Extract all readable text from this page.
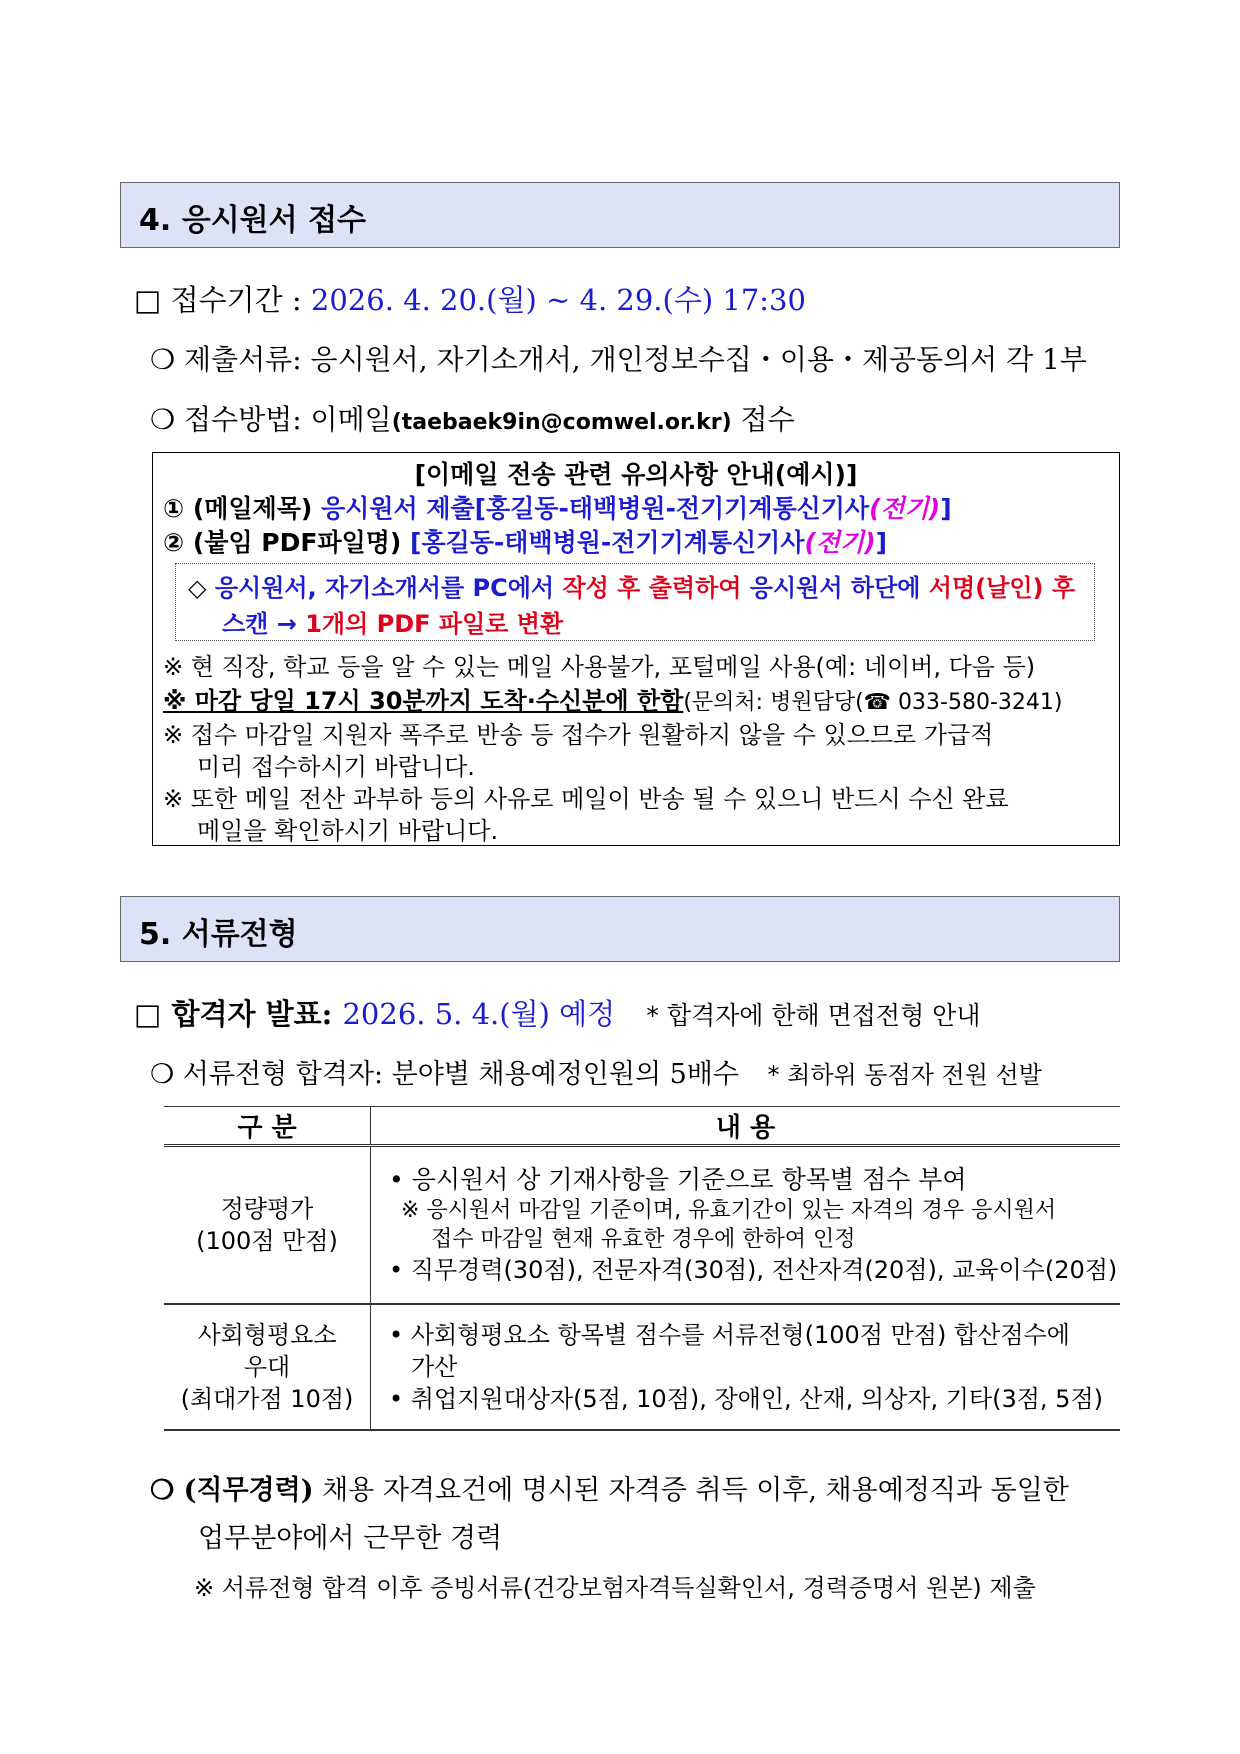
4. 응시원서 접수
□ 접수기간 : 2026. 4. 20.(월) ~ 4. 29.(수) 17:30
❍ 제출서류: 응시원서, 자기소개서, 개인정보수집・이용・제공동의서 각 1부
❍ 접수방법: 이메일(taebaek9in@comwel.or.kr) 접수
[이메일 전송 관련 유의사항 안내(예시)]
① (메일제목) 응시원서 제출[홍길동-태백병원-전기기계통신기사(전기)]
② (붙임 PDF파일명) [홍길동-태백병원-전기기계통신기사(전기)]
◇ 응시원서, 자기소개서를 PC에서 작성 후 출력하여 응시원서 하단에 서명(날인) 후
스캔 → 1개의 PDF 파일로 변환
※ 현 직장, 학교 등을 알 수 있는 메일 사용불가, 포털메일 사용(예: 네이버, 다음 등)
※ 마감 당일 17시 30분까지 도착·수신분에 한함(문의처: 병원담당(☎ 033-580-3241)
※ 접수 마감일 지원자 폭주로 반송 등 접수가 원활하지 않을 수 있으므로 가급적
미리 접수하시기 바랍니다.
※ 또한 메일 전산 과부하 등의 사유로 메일이 반송 될 수 있으니 반드시 수신 완료
메일을 확인하시기 바랍니다.
5. 서류전형
□ 합격자 발표: 2026. 5. 4.(월) 예정 * 합격자에 한해 면접전형 안내
❍ 서류전형 합격자: 분야별 채용예정인원의 5배수 * 최하위 동점자 전원 선발
구 분	내 용

정량평가
(100점 만점)	• 응시원서 상 기재사항을 기준으로 항목별 점수 부여
※ 응시원서 마감일 기준이며, 유효기간이 있는 자격의 경우 응시원서
접수 마감일 현재 유효한 경우에 한하여 인정
• 직무경력(30점), 전문자격(30점), 전산자격(20점), 교육이수(20점)

사회형평요소
우대
(최대가점 10점)	• 사회형평요소 항목별 점수를 서류전형(100점 만점) 합산점수에
가산
• 취업지원대상자(5점, 10점), 장애인, 산재, 의상자, 기타(3점, 5점)
❍ (직무경력) 채용 자격요건에 명시된 자격증 취득 이후, 채용예정직과 동일한
업무분야에서 근무한 경력
※ 서류전형 합격 이후 증빙서류(건강보험자격득실확인서, 경력증명서 원본) 제출
